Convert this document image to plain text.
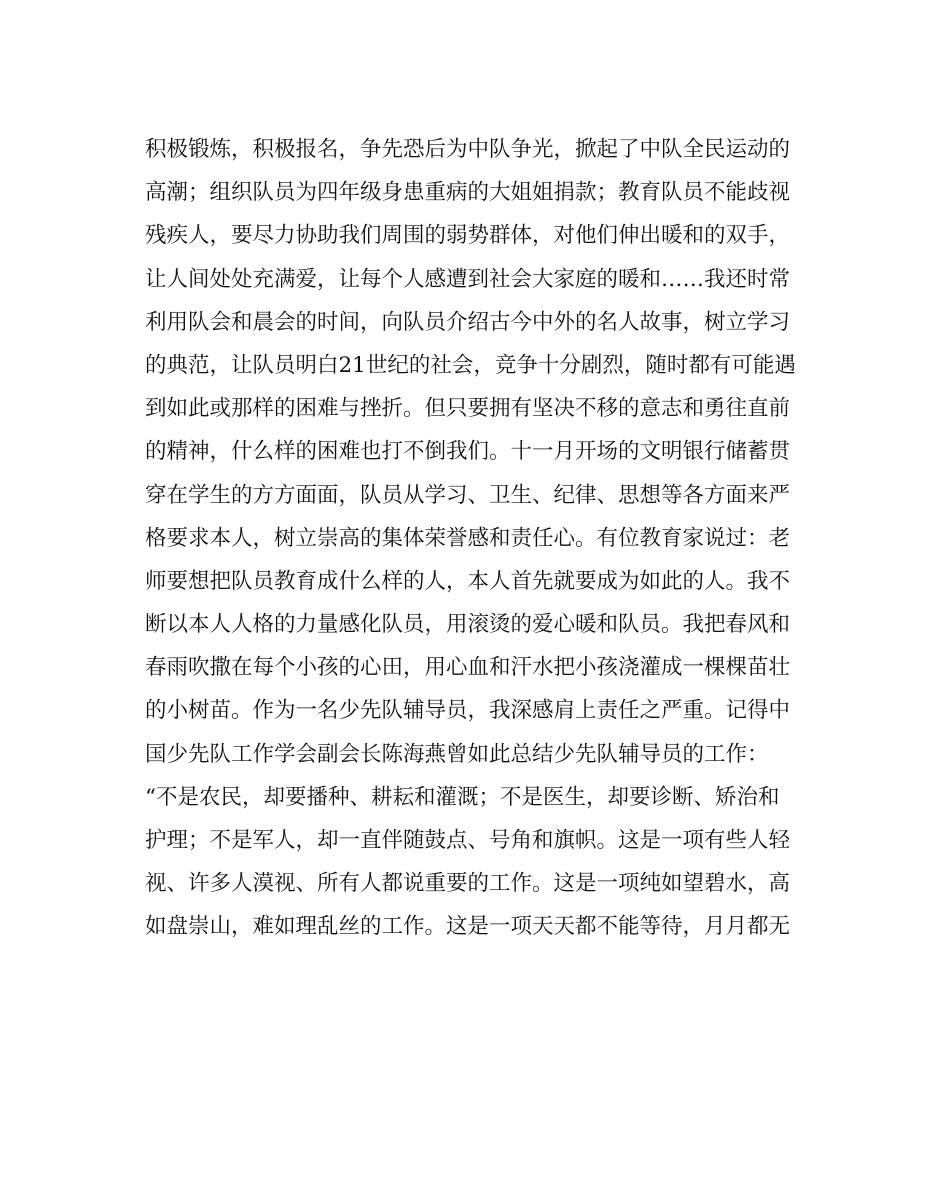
积极锻炼，积极报名，争先恐后为中队争光，掀起了中队全民运动的
高潮；组织队员为四年级身患重病的大姐姐捐款；教育队员不能歧视
残疾人，要尽力协助我们周围的弱势群体，对他们伸出暖和的双手，
让人间处处充满爱，让每个人感遭到社会大家庭的暖和……我还时常
利用队会和晨会的时间，向队员介绍古今中外的名人故事，树立学习
的典范，让队员明白21世纪的社会，竞争十分剧烈，随时都有可能遇
到如此或那样的困难与挫折。但只要拥有坚决不移的意志和勇往直前
的精神，什么样的困难也打不倒我们。十一月开场的文明银行储蓄贯
穿在学生的方方面面，队员从学习、卫生、纪律、思想等各方面来严
格要求本人，树立崇高的集体荣誉感和责任心。有位教育家说过：老
师要想把队员教育成什么样的人，本人首先就要成为如此的人。我不
断以本人人格的力量感化队员，用滚烫的爱心暖和队员。我把春风和
春雨吹撒在每个小孩的心田，用心血和汗水把小孩浇灌成一棵棵苗壮
的小树苗。作为一名少先队辅导员，我深感肩上责任之严重。记得中
国少先队工作学会副会长陈海燕曾如此总结少先队辅导员的工作：
“不是农民，却要播种、耕耘和灌溉；不是医生，却要诊断、矫治和
护理；不是军人，却一直伴随鼓点、号角和旗帜。这是一项有些人轻
视、许多人漠视、所有人都说重要的工作。这是一项纯如望碧水，高
如盘崇山，难如理乱丝的工作。这是一项天天都不能等待，月月都无
